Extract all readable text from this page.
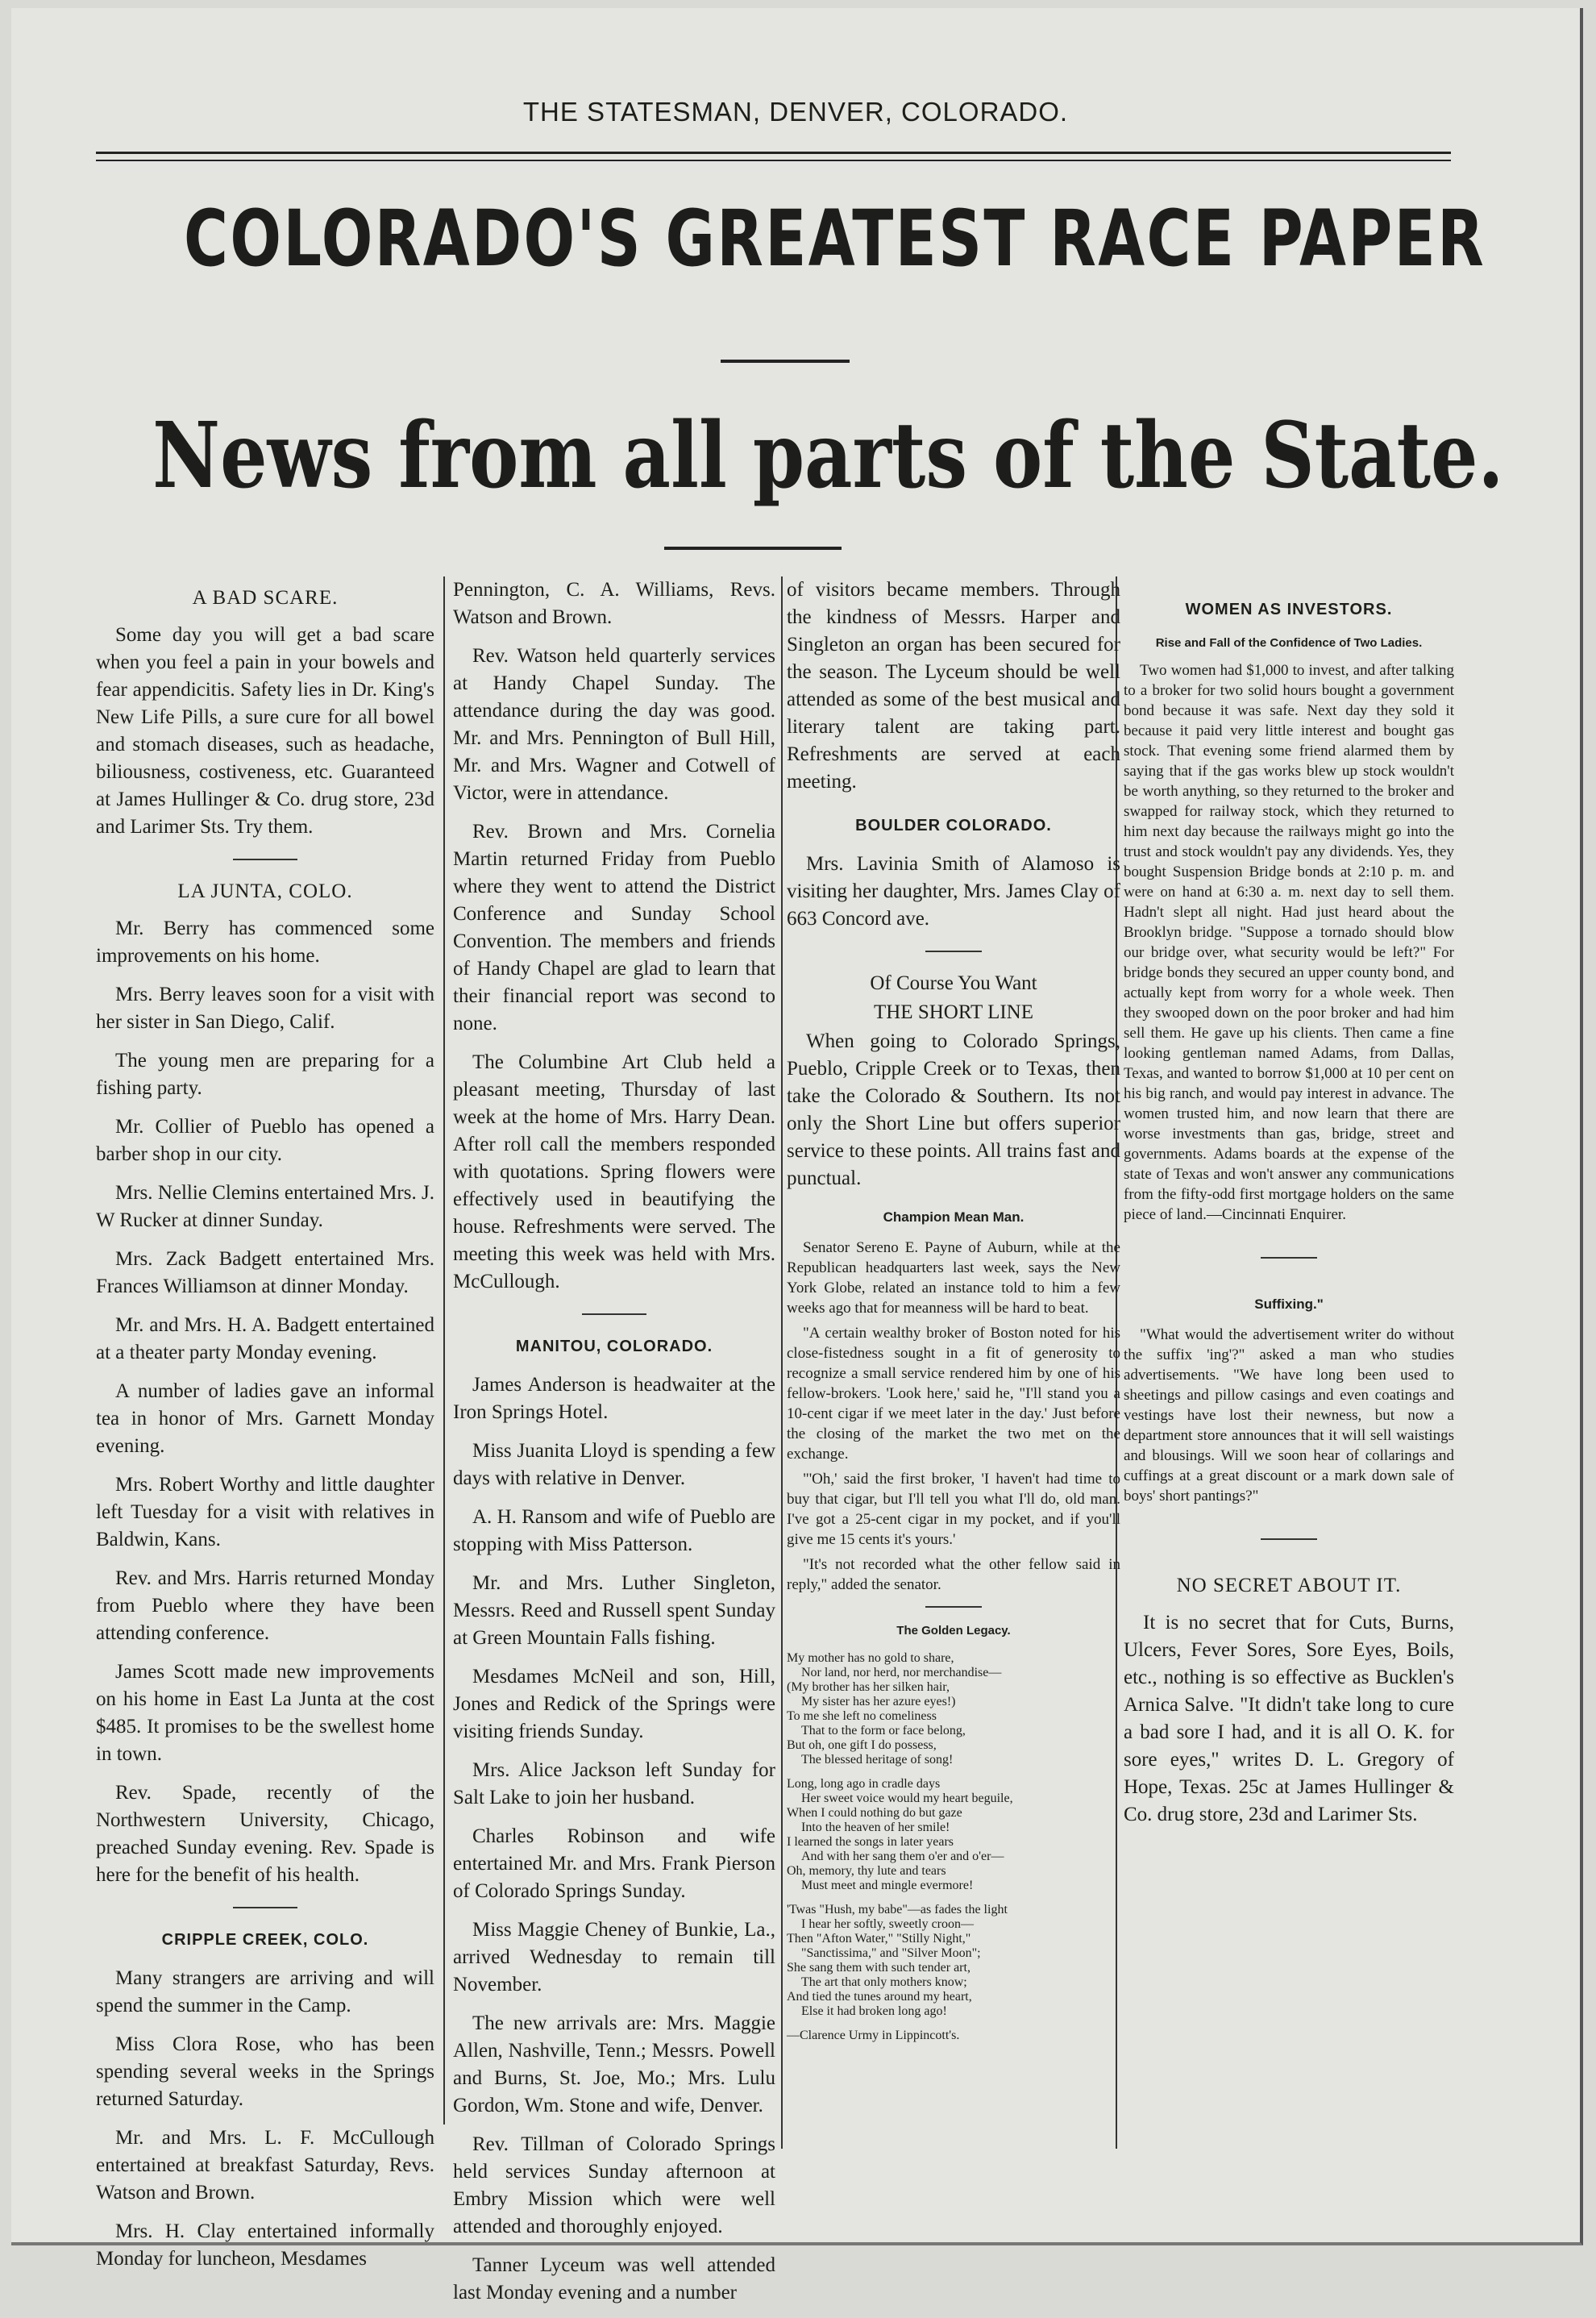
THE STATESMAN, DENVER, COLORADO.
COLORADO'S GREATEST RACE PAPER
News from all parts of the State.
A BAD SCARE.

Some day you will get a bad scare when you feel a pain in your bowels and fear appendicitis. Safety lies in Dr. King's New Life Pills, a sure cure for all bowel and stomach diseases, such as headache, biliousness, costiveness, etc. Guaranteed at James Hullinger & Co. drug store, 23d and Larimer Sts. Try them.

LA JUNTA, COLO.

Mr. Berry has commenced some improvements on his home.

Mrs. Berry leaves soon for a visit with her sister in San Diego, Calif.

The young men are preparing for a fishing party.

Mr. Collier of Pueblo has opened a barber shop in our city.

Mrs. Nellie Clemins entertained Mrs. J. W Rucker at dinner Sunday.

Mrs. Zack Badgett entertained Mrs. Frances Williamson at dinner Monday.

Mr. and Mrs. H. A. Badgett entertained at a theater party Monday evening.

A number of ladies gave an informal tea in honor of Mrs. Garnett Monday evening.

Mrs. Robert Worthy and little daughter left Tuesday for a visit with relatives in Baldwin, Kans.

Rev. and Mrs. Harris returned Monday from Pueblo where they have been attending conference.

James Scott made new improvements on his home in East La Junta at the cost $485. It promises to be the swellest home in town.

Rev. Spade, recently of the Northwestern University, Chicago, preached Sunday evening. Rev. Spade is here for the benefit of his health.

CRIPPLE CREEK, COLO.

Many strangers are arriving and will spend the summer in the Camp.

Miss Clora Rose, who has been spending several weeks in the Springs returned Saturday.

Mr. and Mrs. L. F. McCullough entertained at breakfast Saturday, Revs. Watson and Brown.

Mrs. H. Clay entertained informally Monday for luncheon, Mesdames

Pennington, C. A. Williams, Revs. Watson and Brown.

Rev. Watson held quarterly services at Handy Chapel Sunday. The attendance during the day was good. Mr. and Mrs. Pennington of Bull Hill, Mr. and Mrs. Wagner and Cotwell of Victor, were in attendance.

Rev. Brown and Mrs. Cornelia Martin returned Friday from Pueblo where they went to attend the District Conference and Sunday School Convention. The members and friends of Handy Chapel are glad to learn that their financial report was second to none.

The Columbine Art Club held a pleasant meeting, Thursday of last week at the home of Mrs. Harry Dean. After roll call the members responded with quotations. Spring flowers were effectively used in beautifying the house. Refreshments were served. The meeting this week was held with Mrs. McCullough.

MANITOU, COLORADO.

James Anderson is headwaiter at the Iron Springs Hotel.

Miss Juanita Lloyd is spending a few days with relative in Denver.

A. H. Ransom and wife of Pueblo are stopping with Miss Patterson.

Mr. and Mrs. Luther Singleton, Messrs. Reed and Russell spent Sunday at Green Mountain Falls fishing.

Mesdames McNeil and son, Hill, Jones and Redick of the Springs were visiting friends Sunday.

Mrs. Alice Jackson left Sunday for Salt Lake to join her husband.

Charles Robinson and wife entertained Mr. and Mrs. Frank Pierson of Colorado Springs Sunday.

Miss Maggie Cheney of Bunkie, La., arrived Wednesday to remain till November.

The new arrivals are: Mrs. Maggie Allen, Nashville, Tenn.; Messrs. Powell and Burns, St. Joe, Mo.; Mrs. Lulu Gordon, Wm. Stone and wife, Denver.

Rev. Tillman of Colorado Springs held services Sunday afternoon at Embry Mission which were well attended and thoroughly enjoyed.

Tanner Lyceum was well attended last Monday evening and a number

of visitors became members. Through the kindness of Messrs. Harper and Singleton an organ has been secured for the season. The Lyceum should be well attended as some of the best musical and literary talent are taking part. Refreshments are served at each meeting.

BOULDER COLORADO.

Mrs. Lavinia Smith of Alamoso is visiting her daughter, Mrs. James Clay of 663 Concord ave.

Of Course You Want
THE SHORT LINE

When going to Colorado Springs, Pueblo, Cripple Creek or to Texas, then take the Colorado & Southern. Its not only the Short Line but offers superior service to these points. All trains fast and punctual.

Champion Mean Man.

Senator Sereno E. Payne of Auburn, while at the Republican headquarters last week, says the New York Globe, related an instance told to him a few weeks ago that for meanness will be hard to beat.

"A certain wealthy broker of Boston noted for his close-fistedness sought in a fit of generosity to recognize a small service rendered him by one of his fellow-brokers. 'Look here,' said he, "I'll stand you a 10-cent cigar if we meet later in the day.' Just before the closing of the market the two met on the exchange.

"'Oh,' said the first broker, 'I haven't had time to buy that cigar, but I'll tell you what I'll do, old man. I've got a 25-cent cigar in my pocket, and if you'll give me 15 cents it's yours.'

"It's not recorded what the other fellow said in reply," added the senator.

The Golden Legacy.
My mother has no gold to share,
Nor land, nor herd, nor merchandise—
(My brother has her silken hair,
My sister has her azure eyes!)
To me she left no comeliness
That to the form or face belong,
But oh, one gift I do possess,
The blessed heritage of song!
Long, long ago in cradle days
Her sweet voice would my heart beguile,
When I could nothing do but gaze
Into the heaven of her smile!
I learned the songs in later years
And with her sang them o'er and o'er—
Oh, memory, thy lute and tears
Must meet and mingle evermore!
'Twas "Hush, my babe"—as fades the light
I hear her softly, sweetly croon—
Then "Afton Water," "Stilly Night,"
"Sanctissima," and "Silver Moon";
She sang them with such tender art,
The art that only mothers know;
And tied the tunes around my heart,
Else it had broken long ago!
—Clarence Urmy in Lippincott's.
WOMEN AS INVESTORS.
Rise and Fall of the Confidence of Two Ladies.

Two women had $1,000 to invest, and after talking to a broker for two solid hours bought a government bond because it was safe. Next day they sold it because it paid very little interest and bought gas stock. That evening some friend alarmed them by saying that if the gas works blew up stock wouldn't be worth anything, so they returned to the broker and swapped for railway stock, which they returned to him next day because the railways might go into the trust and stock wouldn't pay any dividends. Yes, they bought Suspension Bridge bonds at 2:10 p. m. and were on hand at 6:30 a. m. next day to sell them. Hadn't slept all night. Had just heard about the Brooklyn bridge. "Suppose a tornado should blow our bridge over, what security would be left?" For bridge bonds they secured an upper county bond, and actually kept from worry for a whole week. Then they swooped down on the poor broker and had him sell them. He gave up his clients. Then came a fine looking gentleman named Adams, from Dallas, Texas, and wanted to borrow $1,000 at 10 per cent on his big ranch, and would pay interest in advance. The women trusted him, and now learn that there are worse investments than gas, bridge, street and governments. Adams boards at the expense of the state of Texas and won't answer any communications from the fifty-odd first mortgage holders on the same piece of land.—Cincinnati Enquirer.

Suffixing."

"What would the advertisement writer do without the suffix 'ing'?" asked a man who studies advertisements. "We have long been used to sheetings and pillow casings and even coatings and vestings have lost their newness, but now a department store announces that it will sell waistings and blousings. Will we soon hear of collarings and cuffings at a great discount or a mark down sale of boys' short pantings?"

NO SECRET ABOUT IT.

It is no secret that for Cuts, Burns, Ulcers, Fever Sores, Sore Eyes, Boils, etc., nothing is so effective as Bucklen's Arnica Salve. "It didn't take long to cure a bad sore I had, and it is all O. K. for sore eyes," writes D. L. Gregory of Hope, Texas. 25c at James Hullinger & Co. drug store, 23d and Larimer Sts.
